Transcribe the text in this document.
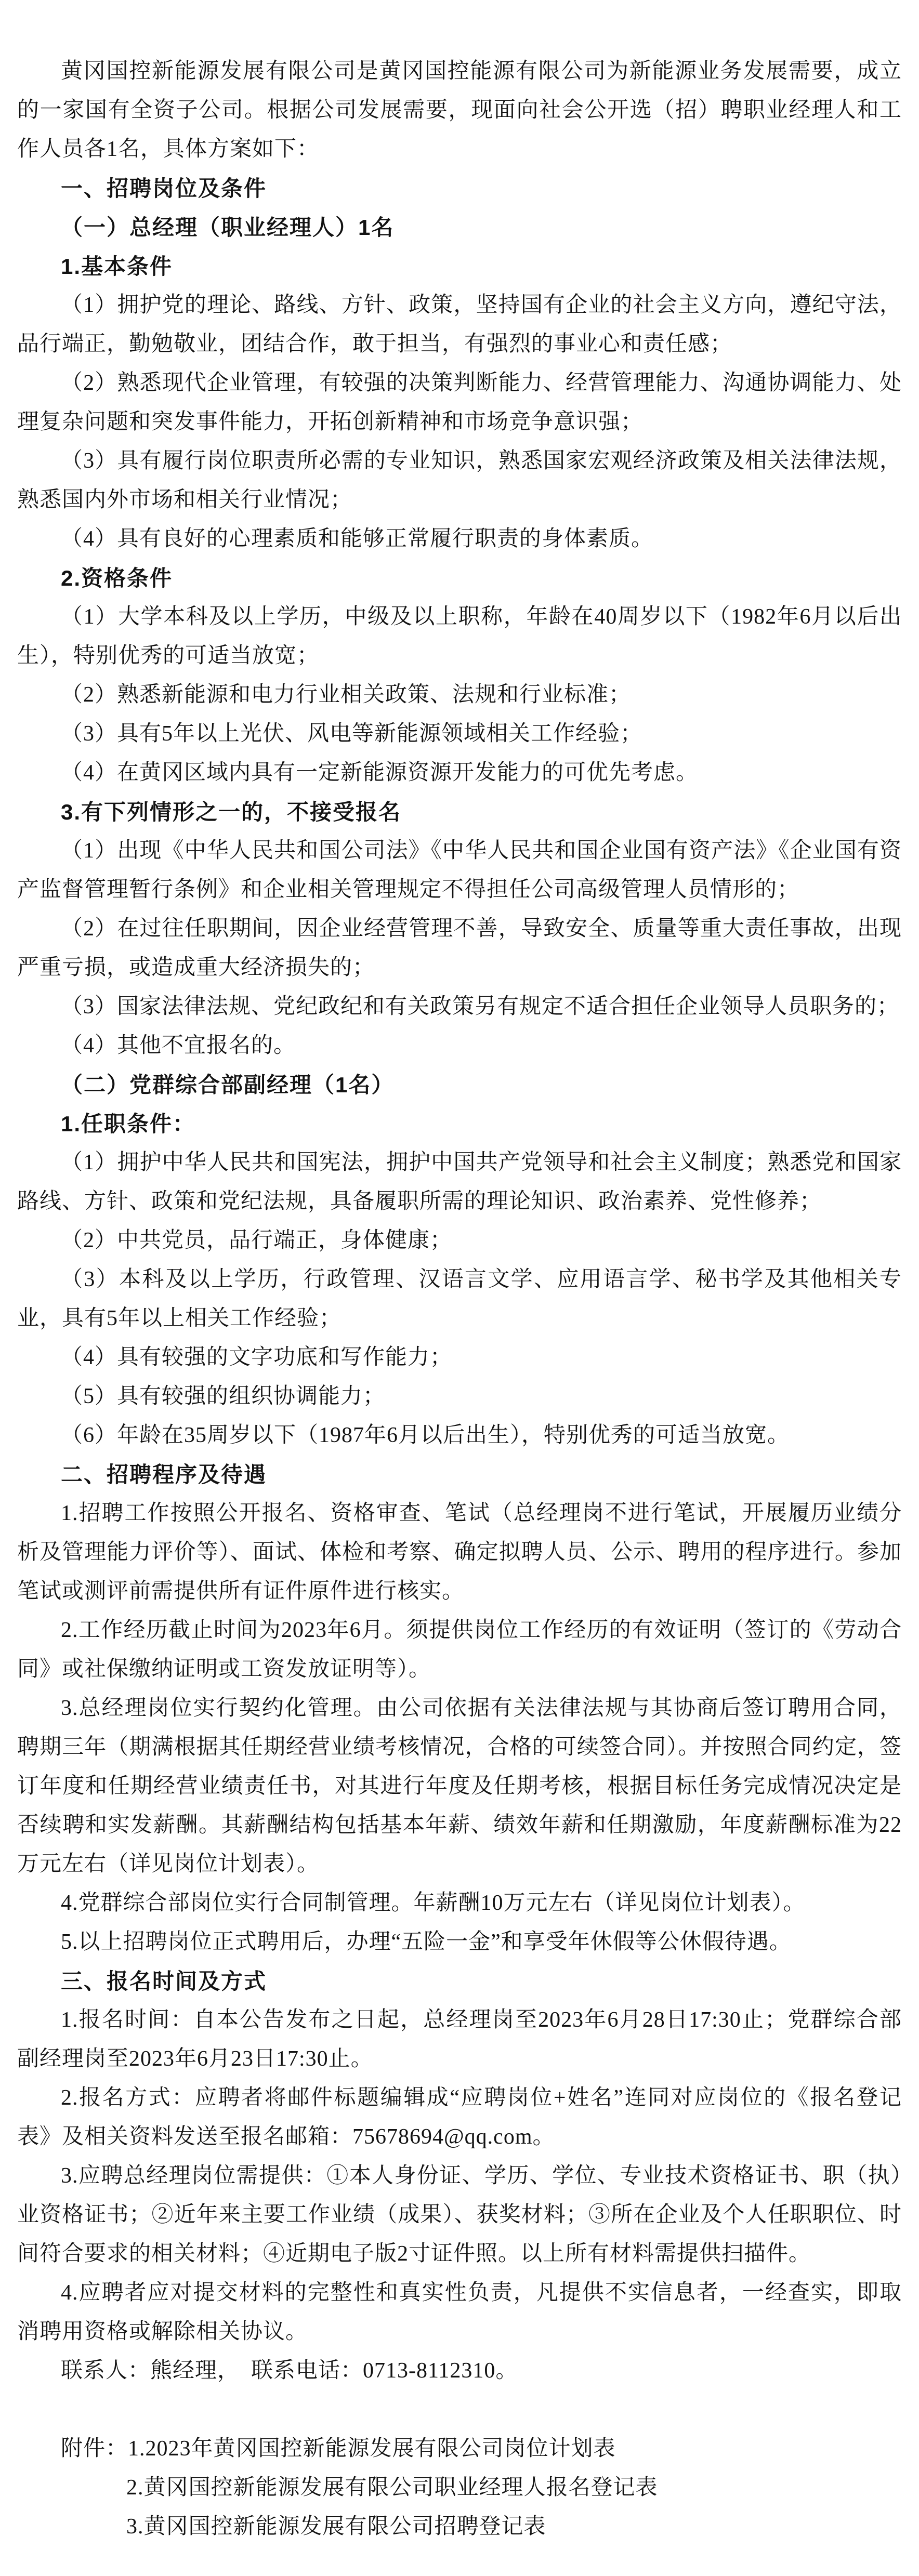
黄冈国控新能源发展有限公司是黄冈国控能源有限公司为新能源业务发展需要，成立的一家国有全资子公司。根据公司发展需要，现面向社会公开选（招）聘职业经理人和工作人员各1名，具体方案如下：

一、招聘岗位及条件

（一）总经理（职业经理人）1名

1.基本条件

（1）拥护党的理论、路线、方针、政策，坚持国有企业的社会主义方向，遵纪守法，品行端正，勤勉敬业，团结合作，敢于担当，有强烈的事业心和责任感；

（2）熟悉现代企业管理，有较强的决策判断能力、经营管理能力、沟通协调能力、处理复杂问题和突发事件能力，开拓创新精神和市场竞争意识强；

（3）具有履行岗位职责所必需的专业知识，熟悉国家宏观经济政策及相关法律法规，熟悉国内外市场和相关行业情况；

（4）具有良好的心理素质和能够正常履行职责的身体素质。

2.资格条件

（1）大学本科及以上学历，中级及以上职称，年龄在40周岁以下（1982年6月以后出生），特别优秀的可适当放宽；

（2）熟悉新能源和电力行业相关政策、法规和行业标准；

（3）具有5年以上光伏、风电等新能源领域相关工作经验；

（4）在黄冈区域内具有一定新能源资源开发能力的可优先考虑。

3.有下列情形之一的，不接受报名

（1）出现《中华人民共和国公司法》《中华人民共和国企业国有资产法》《企业国有资产监督管理暂行条例》和企业相关管理规定不得担任公司高级管理人员情形的；

（2）在过往任职期间，因企业经营管理不善，导致安全、质量等重大责任事故，出现严重亏损，或造成重大经济损失的；

（3）国家法律法规、党纪政纪和有关政策另有规定不适合担任企业领导人员职务的；

（4）其他不宜报名的。

（二）党群综合部副经理（1名）

1.任职条件：

（1）拥护中华人民共和国宪法，拥护中国共产党领导和社会主义制度；熟悉党和国家路线、方针、政策和党纪法规，具备履职所需的理论知识、政治素养、党性修养；

（2）中共党员，品行端正，身体健康；

（3）本科及以上学历，行政管理、汉语言文学、应用语言学、秘书学及其他相关专业，具有5年以上相关工作经验；

（4）具有较强的文字功底和写作能力；

（5）具有较强的组织协调能力；

（6）年龄在35周岁以下（1987年6月以后出生），特别优秀的可适当放宽。

二、招聘程序及待遇

1.招聘工作按照公开报名、资格审查、笔试（总经理岗不进行笔试，开展履历业绩分析及管理能力评价等）、面试、体检和考察、确定拟聘人员、公示、聘用的程序进行。参加笔试或测评前需提供所有证件原件进行核实。

2.工作经历截止时间为2023年6月。须提供岗位工作经历的有效证明（签订的《劳动合同》或社保缴纳证明或工资发放证明等）。

3.总经理岗位实行契约化管理。由公司依据有关法律法规与其协商后签订聘用合同，聘期三年（期满根据其任期经营业绩考核情况，合格的可续签合同）。并按照合同约定，签订年度和任期经营业绩责任书，对其进行年度及任期考核，根据目标任务完成情况决定是否续聘和实发薪酬。其薪酬结构包括基本年薪、绩效年薪和任期激励，年度薪酬标准为22万元左右（详见岗位计划表）。

4.党群综合部岗位实行合同制管理。年薪酬10万元左右（详见岗位计划表）。

5.以上招聘岗位正式聘用后，办理“五险一金”和享受年休假等公休假待遇。

三、报名时间及方式

1.报名时间：自本公告发布之日起，总经理岗至2023年6月28日17:30止；党群综合部副经理岗至2023年6月23日17:30止。

2.报名方式：应聘者将邮件标题编辑成“应聘岗位+姓名”连同对应岗位的《报名登记表》及相关资料发送至报名邮箱：75678694@qq.com。

3.应聘总经理岗位需提供：①本人身份证、学历、学位、专业技术资格证书、职（执）业资格证书；②近年来主要工作业绩（成果）、获奖材料；③所在企业及个人任职职位、时间符合要求的相关材料；④近期电子版2寸证件照。以上所有材料需提供扫描件。

4.应聘者应对提交材料的完整性和真实性负责，凡提供不实信息者，一经查实，即取消聘用资格或解除相关协议。

联系人：熊经理，　联系电话：0713-8112310。

附件：1.2023年黄冈国控新能源发展有限公司岗位计划表

2.黄冈国控新能源发展有限公司职业经理人报名登记表

3.黄冈国控新能源发展有限公司招聘登记表
